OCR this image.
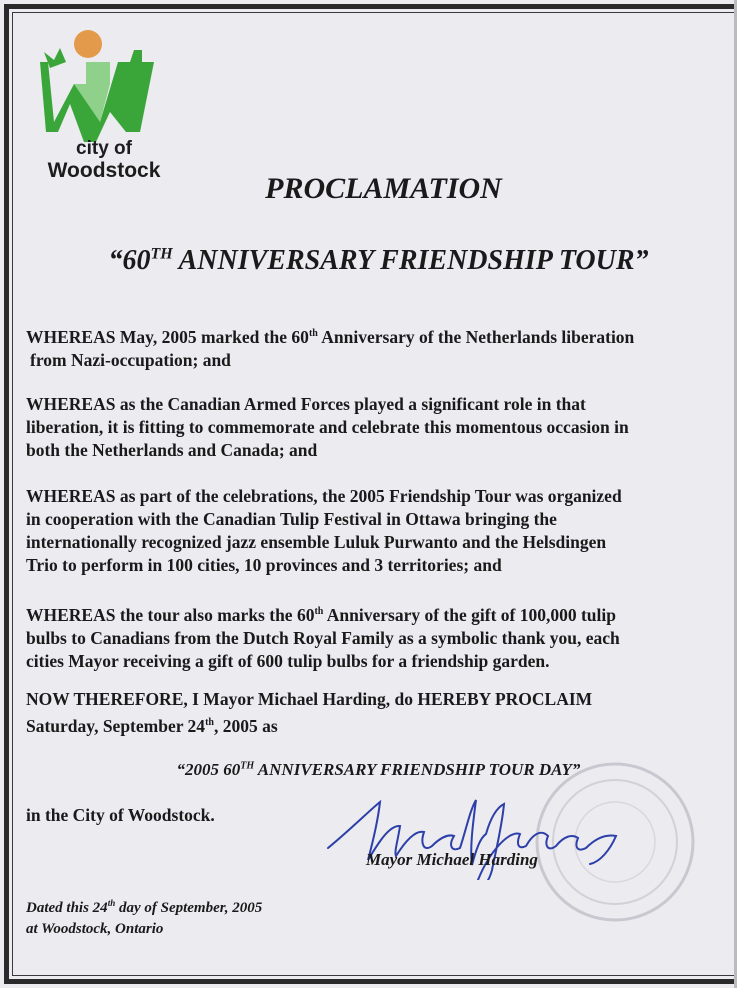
city of
Woodstock
PROCLAMATION
“60TH ANNIVERSARY FRIENDSHIP TOUR”
WHEREAS May, 2005 marked the 60th Anniversary of the Netherlands liberation
from Nazi-occupation; and
WHEREAS as the Canadian Armed Forces played a significant role in that
liberation, it is fitting to commemorate and celebrate this momentous occasion in
both the Netherlands and Canada; and
WHEREAS as part of the celebrations, the 2005 Friendship Tour was organized
in cooperation with the Canadian Tulip Festival in Ottawa bringing the
internationally recognized jazz ensemble Luluk Purwanto and the Helsdingen
Trio to perform in 100 cities, 10 provinces and 3 territories; and
WHEREAS the tour also marks the 60th Anniversary of the gift of 100,000 tulip
bulbs to Canadians from the Dutch Royal Family as a symbolic thank you, each
cities Mayor receiving a gift of 600 tulip bulbs for a friendship garden.
NOW THEREFORE, I Mayor Michael Harding, do HEREBY PROCLAIM
Saturday, September 24th, 2005 as
“2005 60TH ANNIVERSARY FRIENDSHIP TOUR DAY”
in the City of Woodstock.
Mayor Michael Harding
Dated this 24th day of September, 2005
at Woodstock, Ontario
